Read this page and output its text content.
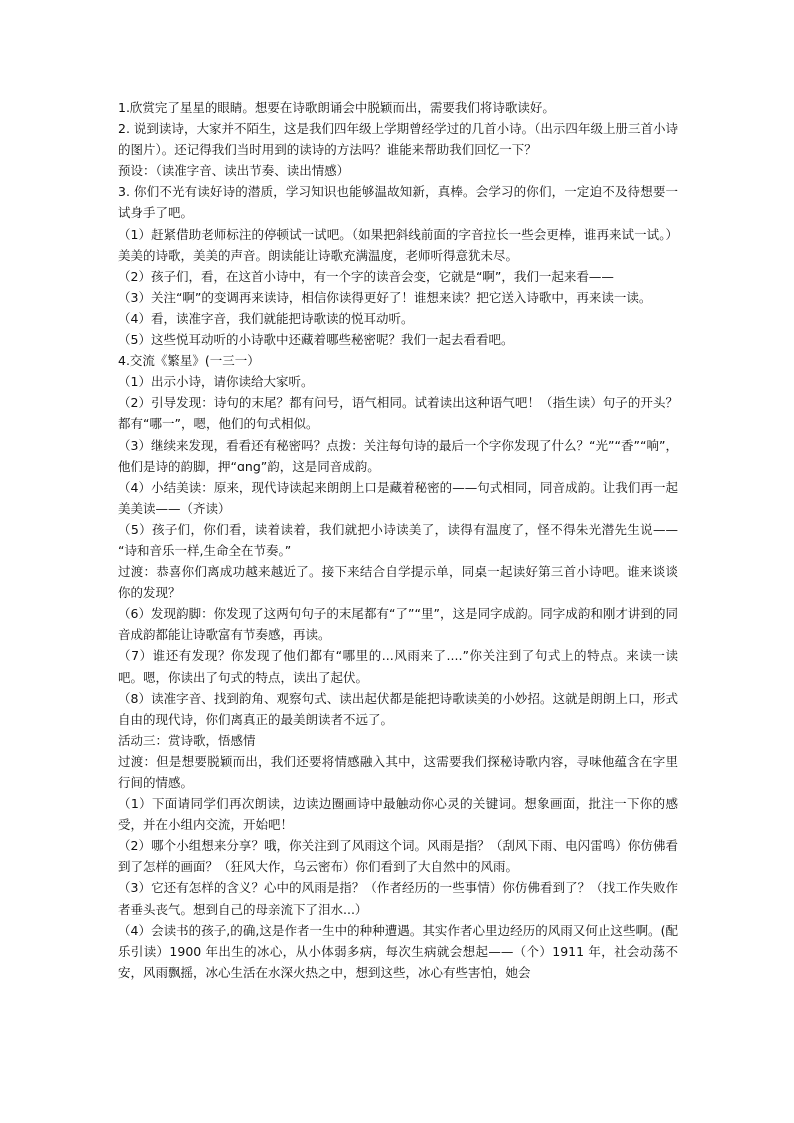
1.欣赏完了星星的眼睛。想要在诗歌朗诵会中脱颖而出，需要我们将诗歌读好。

2. 说到读诗，大家并不陌生，这是我们四年级上学期曾经学过的几首小诗。（出示四年级上册三首小诗的图片）。还记得我们当时用到的读诗的方法吗？谁能来帮助我们回忆一下？

预设：（读准字音、读出节奏、读出情感）

3. 你们不光有读好诗的潜质，学习知识也能够温故知新，真棒。会学习的你们，一定迫不及待想要一试身手了吧。

（1）赶紧借助老师标注的停顿试一试吧。（如果把斜线前面的字音拉长一些会更棒，谁再来试一试。）美美的诗歌，美美的声音。朗读能让诗歌充满温度，老师听得意犹未尽。

（2）孩子们，看，在这首小诗中，有一个字的读音会变，它就是“啊”，我们一起来看——

（3）关注“啊”的变调再来读诗，相信你读得更好了！谁想来读？把它送入诗歌中，再来读一读。

（4）看，读准字音，我们就能把诗歌读的悦耳动听。

（5）这些悦耳动听的小诗歌中还藏着哪些秘密呢？我们一起去看看吧。

4.交流《繁星》(一三一）

（1）出示小诗，请你读给大家听。

（2）引导发现：诗句的末尾？都有问号，语气相同。试着读出这种语气吧！（指生读）句子的开头？都有“哪一”，嗯，他们的句式相似。

（3）继续来发现，看看还有秘密吗？点拨：关注每句诗的最后一个字你发现了什么？“光”“香”“响”，他们是诗的韵脚，押“ɑng”韵，这是同音成韵。

（4）小结美读：原来，现代诗读起来朗朗上口是藏着秘密的——句式相同，同音成韵。让我们再一起美美读——（齐读）

（5）孩子们，你们看，读着读着，我们就把小诗读美了，读得有温度了，怪不得朱光潜先生说—— “诗和音乐一样,生命全在节奏。”

过渡：恭喜你们离成功越来越近了。接下来结合自学提示单，同桌一起读好第三首小诗吧。谁来谈谈你的发现？

（6）发现韵脚：你发现了这两句句子的末尾都有“了”“里”，这是同字成韵。同字成韵和刚才讲到的同音成韵都能让诗歌富有节奏感，再读。

（7）谁还有发现？你发现了他们都有“哪里的...风雨来了....”你关注到了句式上的特点。来读一读吧。嗯，你读出了句式的特点，读出了起伏。

（8）读准字音、找到韵角、观察句式、读出起伏都是能把诗歌读美的小妙招。这就是朗朗上口，形式自由的现代诗，你们离真正的最美朗读者不远了。

活动三：赏诗歌，悟感情

过渡：但是想要脱颖而出，我们还要将情感融入其中，这需要我们探秘诗歌内容，寻味他蕴含在字里行间的情感。

（1）下面请同学们再次朗读，边读边圈画诗中最触动你心灵的关键词。想象画面，批注一下你的感受，并在小组内交流，开始吧！

（2）哪个小组想来分享？哦，你关注到了风雨这个词。风雨是指？（刮风下雨、电闪雷鸣）你仿佛看到了怎样的画面？（狂风大作，乌云密布）你们看到了大自然中的风雨。

（3）它还有怎样的含义？心中的风雨是指？（作者经历的一些事情）你仿佛看到了？（找工作失败作者垂头丧气。想到自己的母亲流下了泪水...）

（4）会读书的孩子,的确,这是作者一生中的种种遭遇。其实作者心里边经历的风雨又何止这些啊。(配乐引读）1900 年出生的冰心，从小体弱多病，每次生病就会想起——（个）1911 年，社会动荡不安，风雨飘摇，冰心生活在水深火热之中，想到这些，冰心有些害怕，她会
